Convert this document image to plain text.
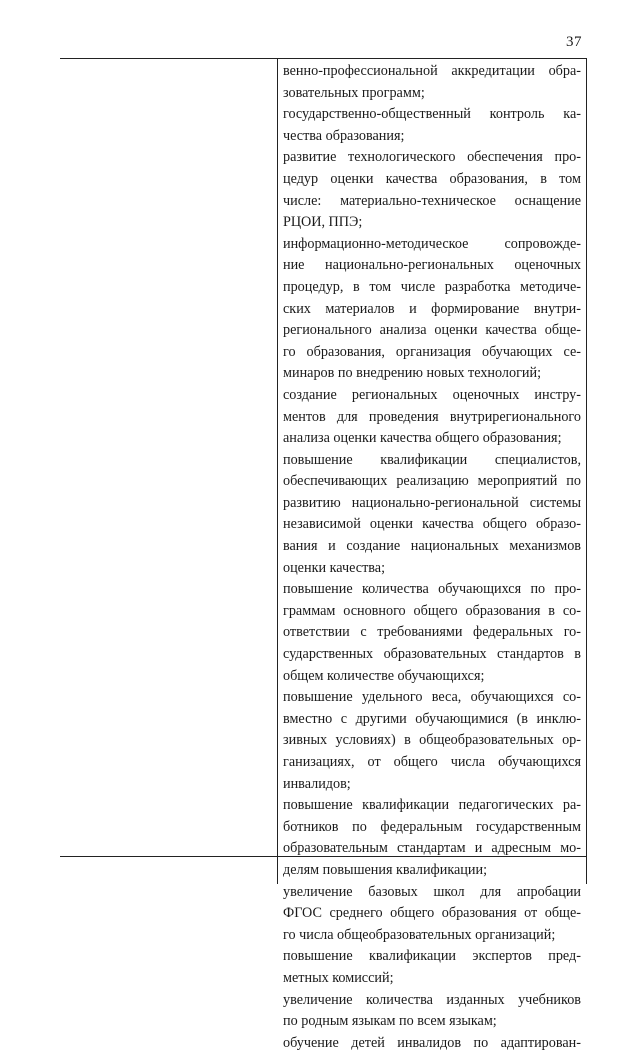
37
венно-профессиональной аккредитации обра-
зовательных программ;
государственно-общественный контроль ка-
чества образования;
развитие технологического обеспечения про-
цедур оценки качества образования, в том
числе: материально-техническое оснащение
РЦОИ, ППЭ;
информационно-методическое сопровожде-
ние национально-региональных оценочных
процедур, в том числе разработка методиче-
ских материалов и формирование внутри-
регионального анализа оценки качества обще-
го образования, организация обучающих се-
минаров по внедрению новых технологий;
создание региональных оценочных инстру-
ментов для проведения внутрирегионального
анализа оценки качества общего образования;
повышение квалификации специалистов,
обеспечивающих реализацию мероприятий по
развитию национально-региональной системы
независимой оценки качества общего образо-
вания и создание национальных механизмов
оценки качества;
повышение количества обучающихся по про-
граммам основного общего образования в со-
ответствии с требованиями федеральных го-
сударственных образовательных стандартов в
общем количестве обучающихся;
повышение удельного веса, обучающихся со-
вместно с другими обучающимися (в инклю-
зивных условиях) в общеобразовательных ор-
ганизациях, от общего числа обучающихся
инвалидов;
повышение квалификации педагогических ра-
ботников по федеральным государственным
образовательным стандартам и адресным мо-
делям повышения квалификации;
увеличение базовых школ для апробации
ФГОС среднего общего образования от обще-
го числа общеобразовательных организаций;
повышение квалификации экспертов пред-
метных комиссий;
увеличение количества изданных учебников
по родным языкам по всем языкам;
обучение детей инвалидов по адаптирован-
